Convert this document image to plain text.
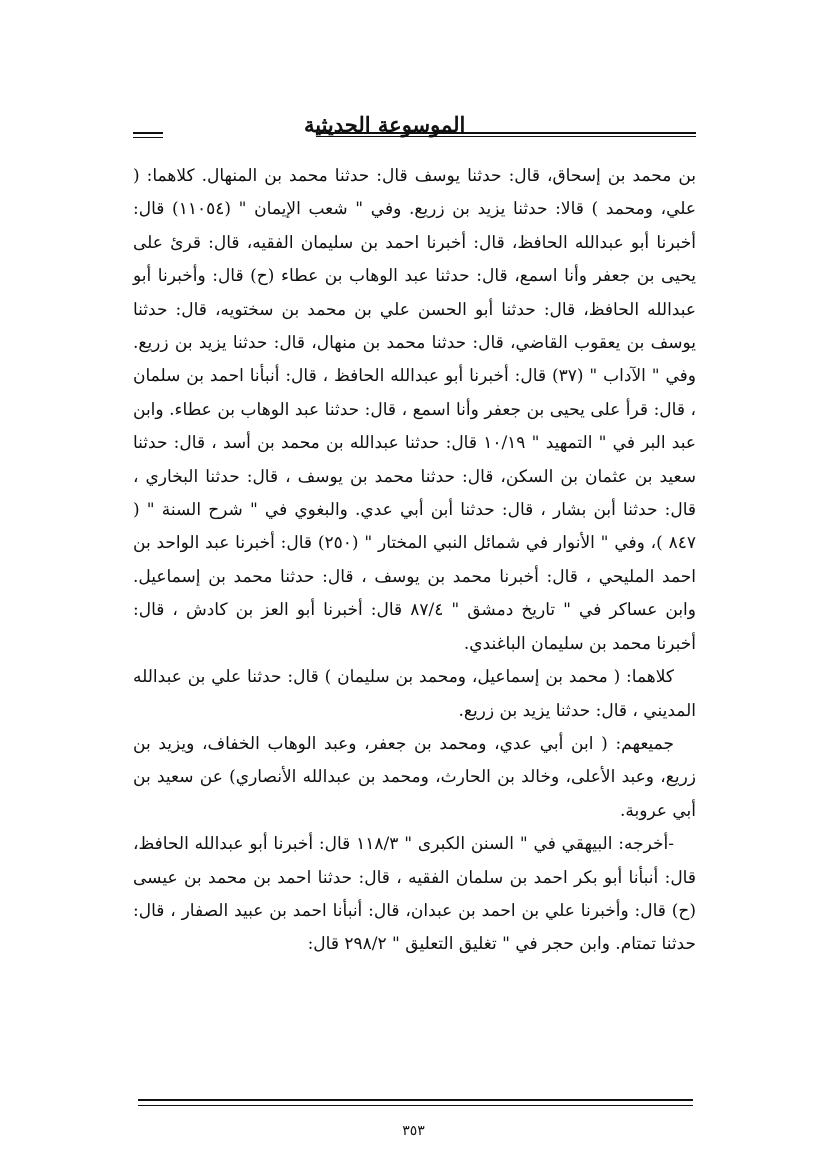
الموسوعة الحديثية

بن محمد بن إسحاق، قال: حدثنا يوسف قال: حدثنا محمد بن المنهال. كلاهما: ( علي، ومحمد ) قالا: حدثنا يزيد بن زريع. وفي " شعب الإيمان " (١١٠٥٤) قال: أخبرنا أبو عبدالله الحافظ، قال: أخبرنا احمد بن سليمان الفقيه، قال: قرئ على يحيى بن جعفر وأنا اسمع، قال: حدثنا عبد الوهاب بن عطاء (ح) قال: وأخبرنا أبو عبدالله الحافظ، قال: حدثنا أبو الحسن علي بن محمد بن سختويه، قال: حدثنا يوسف بن يعقوب القاضي، قال: حدثنا محمد بن منهال، قال: حدثنا يزيد بن زريع. وفي " الآداب " (٣٧) قال: أخبرنا أبو عبدالله الحافظ ، قال: أنبأنا احمد بن سلمان ، قال: قرأ على يحيى بن جعفر وأنا اسمع ، قال: حدثنا عبد الوهاب بن عطاء. وابن عبد البر في " التمهيد " ١٠/١٩ قال: حدثنا عبدالله بن محمد بن أسد ، قال: حدثنا سعيد بن عثمان بن السكن، قال: حدثنا محمد بن يوسف ، قال: حدثنا البخاري ، قال: حدثنا أبن بشار ، قال: حدثنا أبن أبي عدي. والبغوي في " شرح السنة " ( ٨٤٧ )، وفي " الأنوار في شمائل النبي المختار " (٢٥٠) قال: أخبرنا عبد الواحد بن احمد المليحي ، قال: أخبرنا محمد بن يوسف ، قال: حدثنا محمد بن إسماعيل. وابن عساكر في " تاريخ دمشق " ٨٧/٤ قال: أخبرنا أبو العز بن كادش ، قال: أخبرنا محمد بن سليمان الباغندي.

كلاهما: ( محمد بن إسماعيل، ومحمد بن سليمان ) قال: حدثنا علي بن عبدالله المديني ، قال: حدثنا يزيد بن زريع.

جميعهم: ( ابن أبي عدي، ومحمد بن جعفر، وعبد الوهاب الخفاف، ويزيد بن زريع، وعبد الأعلى، وخالد بن الحارث، ومحمد بن عبدالله الأنصاري) عن سعيد بن أبي عروبة.

-أخرجه: البيهقي في " السنن الكبرى " ١١٨/٣ قال: أخبرنا أبو عبدالله الحافظ، قال: أنبأنا أبو بكر احمد بن سلمان الفقيه ، قال: حدثنا احمد بن محمد بن عيسى (ح) قال: وأخبرنا علي بن احمد بن عبدان، قال: أنبأنا احمد بن عبيد الصفار ، قال: حدثنا تمتام. وابن حجر في " تغليق التعليق " ٢٩٨/٢ قال:

٣٥٣
